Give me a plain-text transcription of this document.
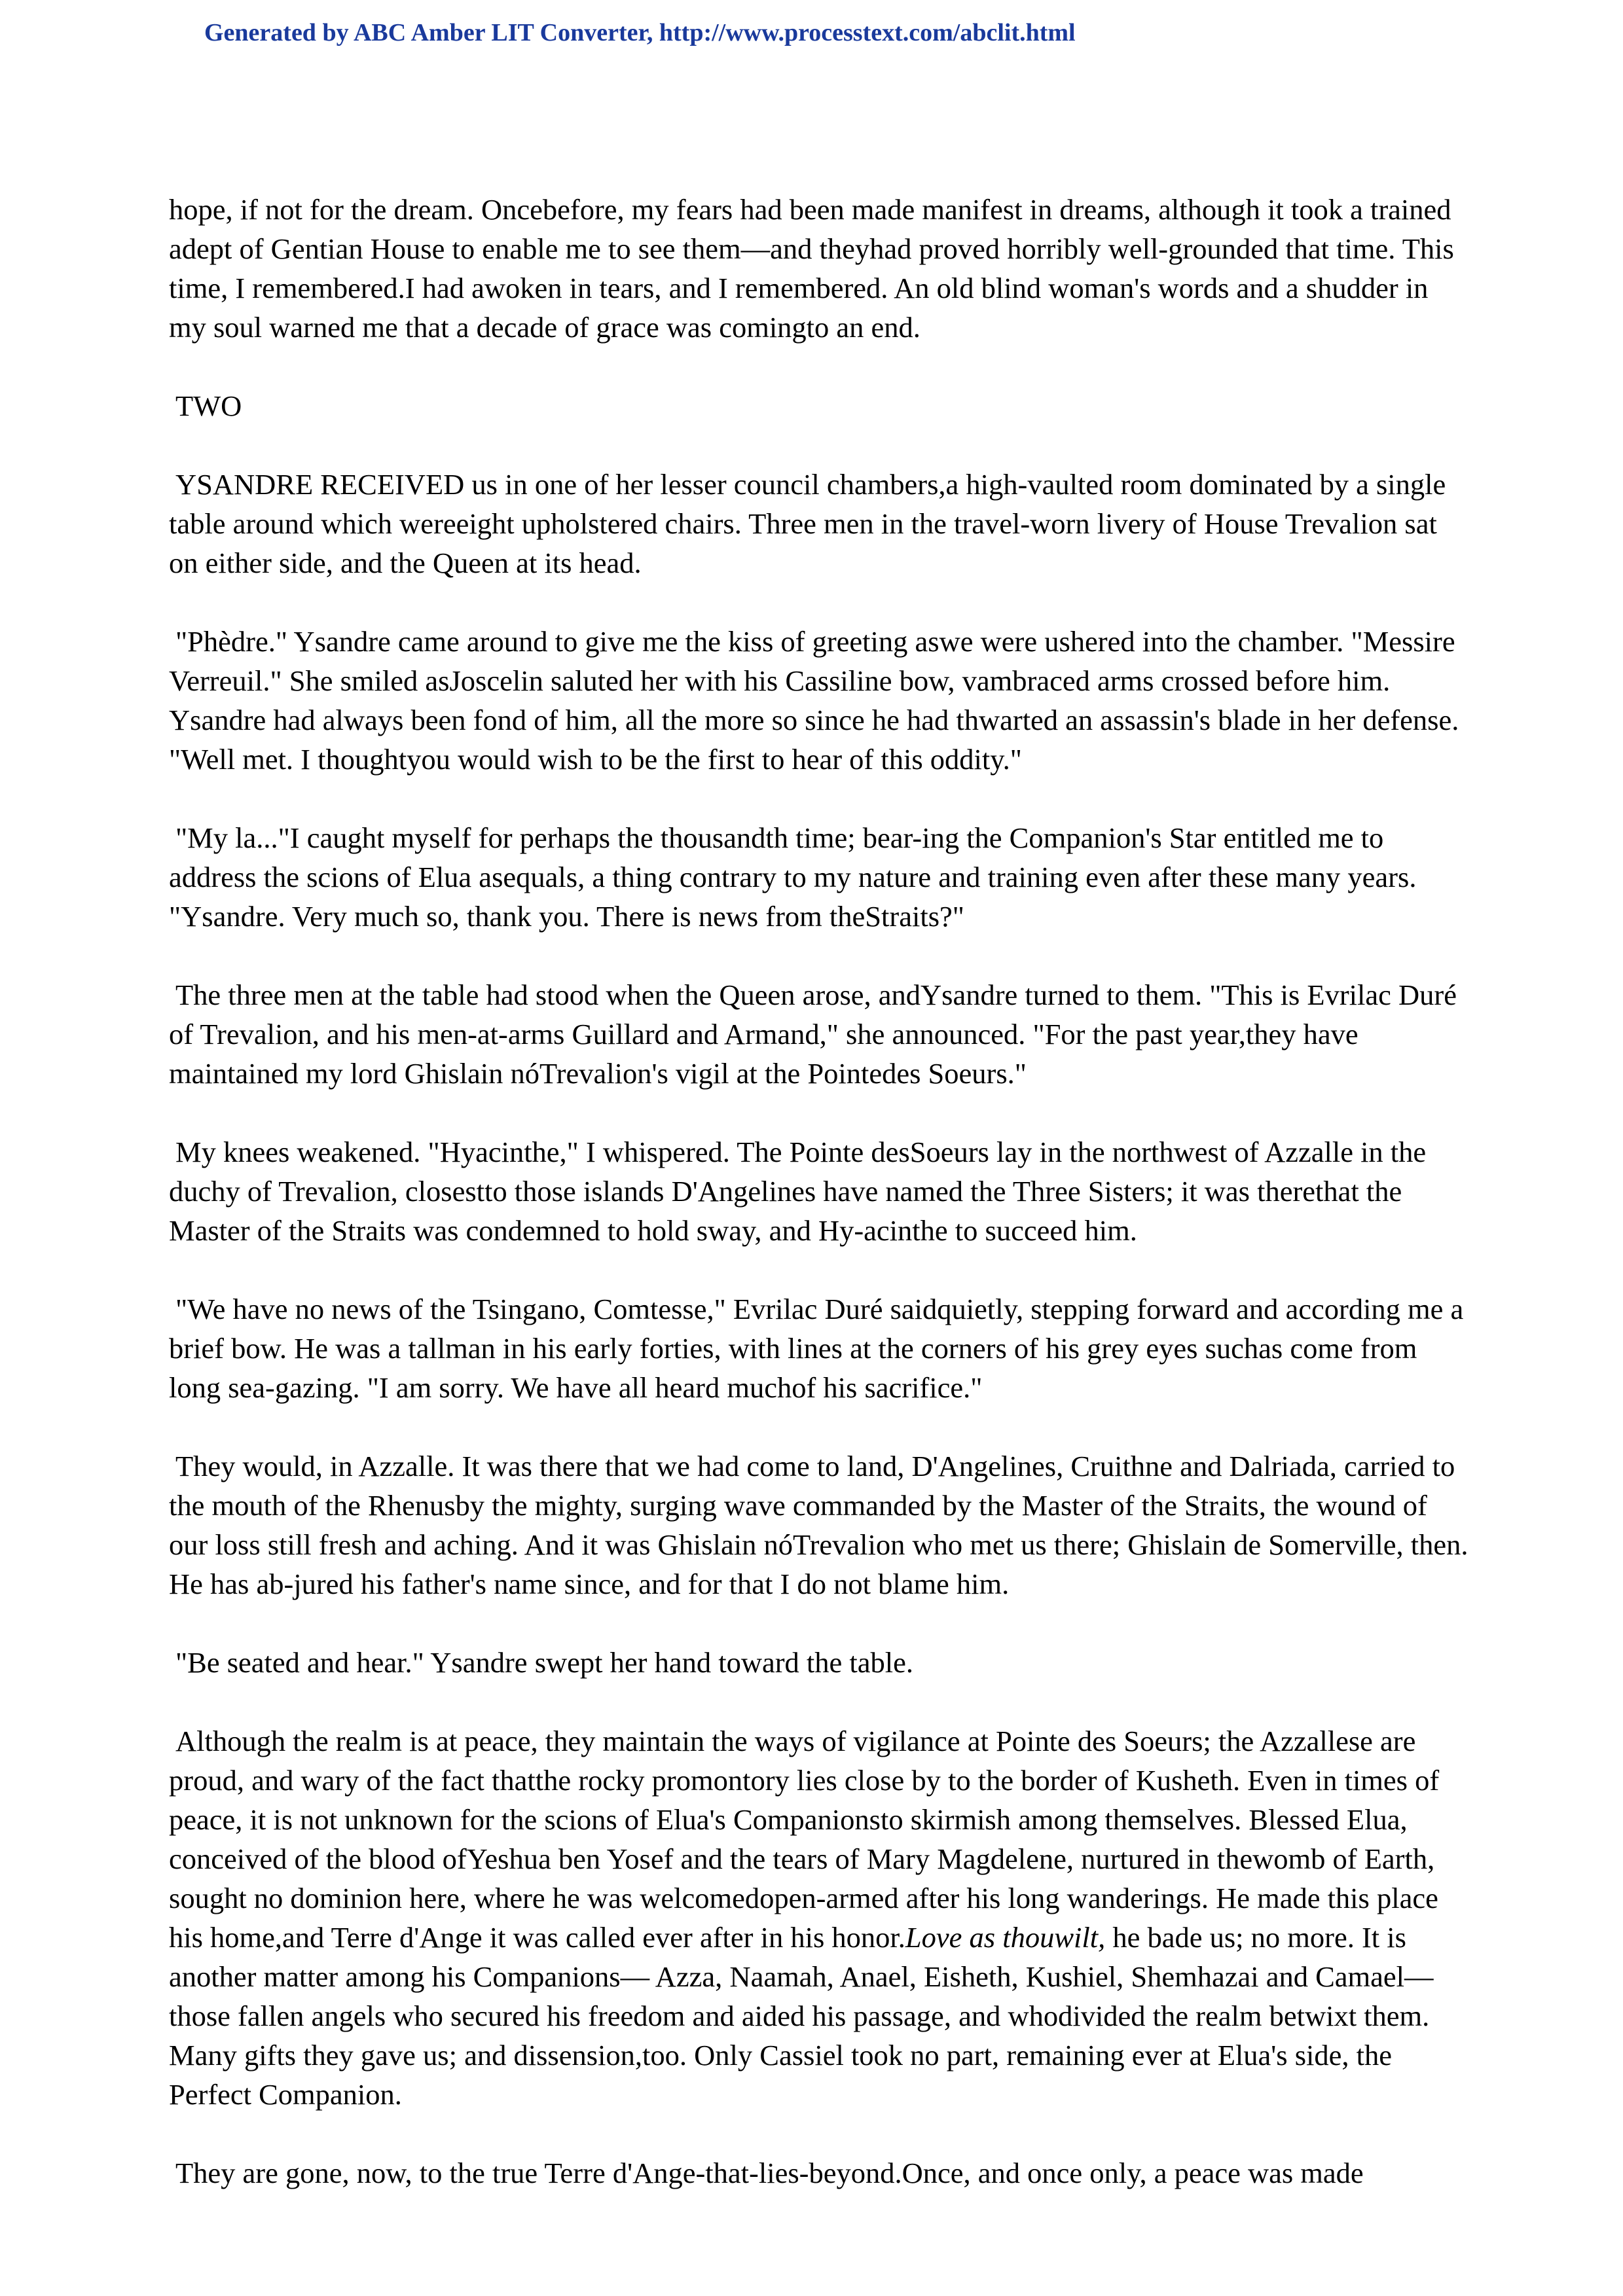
Generated by ABC Amber LIT Converter, http://www.processtext.com/abclit.html

hope, if not for the dream. Oncebefore, my fears had been made manifest in dreams, although it took a trained adept of Gentian House to enable me to see them—and theyhad proved horribly well-grounded that time. This time, I remembered.I had awoken in tears, and I remembered. An old blind woman's words and a shudder in my soul warned me that a decade of grace was comingto an end.

TWO

YSANDRE RECEIVED us in one of her lesser council chambers,a high-vaulted room dominated by a single table around which wereeight upholstered chairs. Three men in the travel-worn livery of House Trevalion sat on either side, and the Queen at its head.

"Phèdre." Ysandre came around to give me the kiss of greeting aswe were ushered into the chamber. "Messire Verreuil." She smiled asJoscelin saluted her with his Cassiline bow, vambraced arms crossed before him. Ysandre had always been fond of him, all the more so since he had thwarted an assassin's blade in her defense. "Well met. I thoughtyou would wish to be the first to hear of this oddity."

"My la..."I caught myself for perhaps the thousandth time; bear-ing the Companion's Star entitled me to address the scions of Elua asequals, a thing contrary to my nature and training even after these many years. "Ysandre. Very much so, thank you. There is news from theStraits?"

The three men at the table had stood when the Queen arose, andYsandre turned to them. "This is Evrilac Duré of Trevalion, and his men-at-arms Guillard and Armand," she announced. "For the past year,they have maintained my lord Ghislain nóTrevalion's vigil at the Pointedes Soeurs."

My knees weakened. "Hyacinthe," I whispered. The Pointe desSoeurs lay in the northwest of Azzalle in the duchy of Trevalion, closestto those islands D'Angelines have named the Three Sisters; it was therethat the Master of the Straits was condemned to hold sway, and Hy-acinthe to succeed him.

"We have no news of the Tsingano, Comtesse," Evrilac Duré saidquietly, stepping forward and according me a brief bow. He was a tallman in his early forties, with lines at the corners of his grey eyes suchas come from long sea-gazing. "I am sorry. We have all heard muchof his sacrifice."

They would, in Azzalle. It was there that we had come to land, D'Angelines, Cruithne and Dalriada, carried to the mouth of the Rhenusby the mighty, surging wave commanded by the Master of the Straits, the wound of our loss still fresh and aching. And it was Ghislain nóTrevalion who met us there; Ghislain de Somerville, then. He has ab-jured his father's name since, and for that I do not blame him.

"Be seated and hear." Ysandre swept her hand toward the table.

Although the realm is at peace, they maintain the ways of vigilance at Pointe des Soeurs; the Azzallese are proud, and wary of the fact thatthe rocky promontory lies close by to the border of Kusheth. Even in times of peace, it is not unknown for the scions of Elua's Companionsto skirmish among themselves. Blessed Elua, conceived of the blood ofYeshua ben Yosef and the tears of Mary Magdelene, nurtured in thewomb of Earth, sought no dominion here, where he was welcomedopen-armed after his long wanderings. He made this place his home,and Terre d'Ange it was called ever after in his honor.Love as thouwilt, he bade us; no more. It is another matter among his Companions— Azza, Naamah, Anael, Eisheth, Kushiel, Shemhazai and Camael—those fallen angels who secured his freedom and aided his passage, and whodivided the realm betwixt them. Many gifts they gave us; and dissension,too. Only Cassiel took no part, remaining ever at Elua's side, the Perfect Companion.

They are gone, now, to the true Terre d'Ange-that-lies-beyond.Once, and once only, a peace was made
